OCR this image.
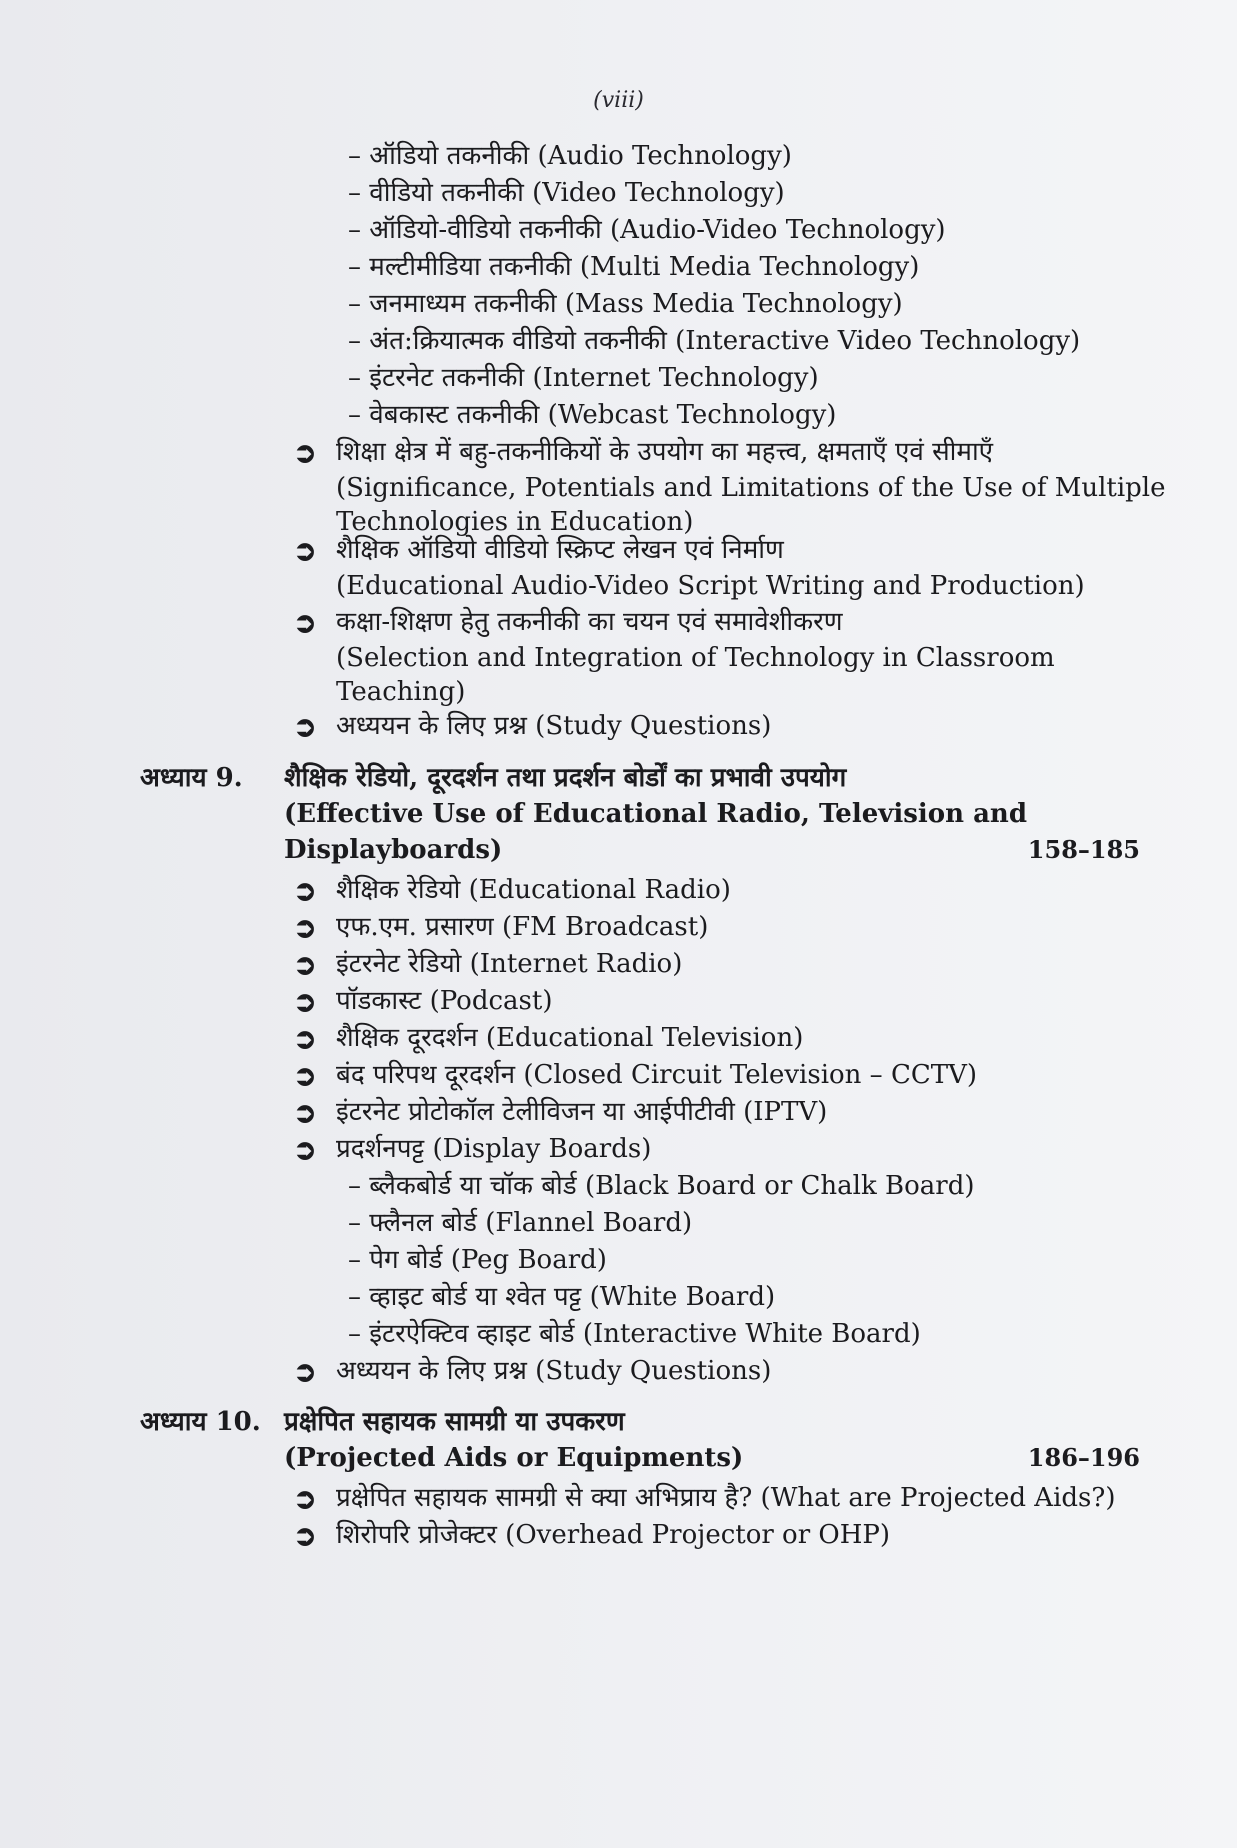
(viii)
– ऑडियो तकनीकी (Audio Technology)
– वीडियो तकनीकी (Video Technology)
– ऑडियो-वीडियो तकनीकी (Audio-Video Technology)
– मल्टीमीडिया तकनीकी (Multi Media Technology)
– जनमाध्यम तकनीकी (Mass Media Technology)
– अंत:क्रियात्मक वीडियो तकनीकी (Interactive Video Technology)
– इंटरनेट तकनीकी (Internet Technology)
– वेबकास्ट तकनीकी (Webcast Technology)
➲ शिक्षा क्षेत्र में बहु-तकनीकियों के उपयोग का महत्त्व, क्षमताएँ एवं सीमाएँ
(Significance, Potentials and Limitations of the Use of Multiple
Technologies in Education)
➲ शैक्षिक ऑडियो वीडियो स्क्रिप्ट लेखन एवं निर्माण
(Educational Audio-Video Script Writing and Production)
➲ कक्षा-शिक्षण हेतु तकनीकी का चयन एवं समावेशीकरण
(Selection and Integration of Technology in Classroom
Teaching)
➲ अध्ययन के लिए प्रश्न (Study Questions)
अध्याय 9. शैक्षिक रेडियो, दूरदर्शन तथा प्रदर्शन बोर्डों का प्रभावी उपयोग
(Effective Use of Educational Radio, Television and
Displayboards)	158–185
➲ शैक्षिक रेडियो (Educational Radio)
➲ एफ.एम. प्रसारण (FM Broadcast)
➲ इंटरनेट रेडियो (Internet Radio)
➲ पॉडकास्ट (Podcast)
➲ शैक्षिक दूरदर्शन (Educational Television)
➲ बंद परिपथ दूरदर्शन (Closed Circuit Television – CCTV)
➲ इंटरनेट प्रोटोकॉल टेलीविजन या आईपीटीवी (IPTV)
➲ प्रदर्शनपट्ट (Display Boards)
– ब्लैकबोर्ड या चॉक बोर्ड (Black Board or Chalk Board)
– फ्लैनल बोर्ड (Flannel Board)
– पेग बोर्ड (Peg Board)
– व्हाइट बोर्ड या श्वेत पट्ट (White Board)
– इंटरऐक्टिव व्हाइट बोर्ड (Interactive White Board)
➲ अध्ययन के लिए प्रश्न (Study Questions)
अध्याय 10. प्रक्षेपित सहायक सामग्री या उपकरण
(Projected Aids or Equipments)	186–196
➲ प्रक्षेपित सहायक सामग्री से क्या अभिप्राय है? (What are Projected Aids?)
➲ शिरोपरि प्रोजेक्टर (Overhead Projector or OHP)
